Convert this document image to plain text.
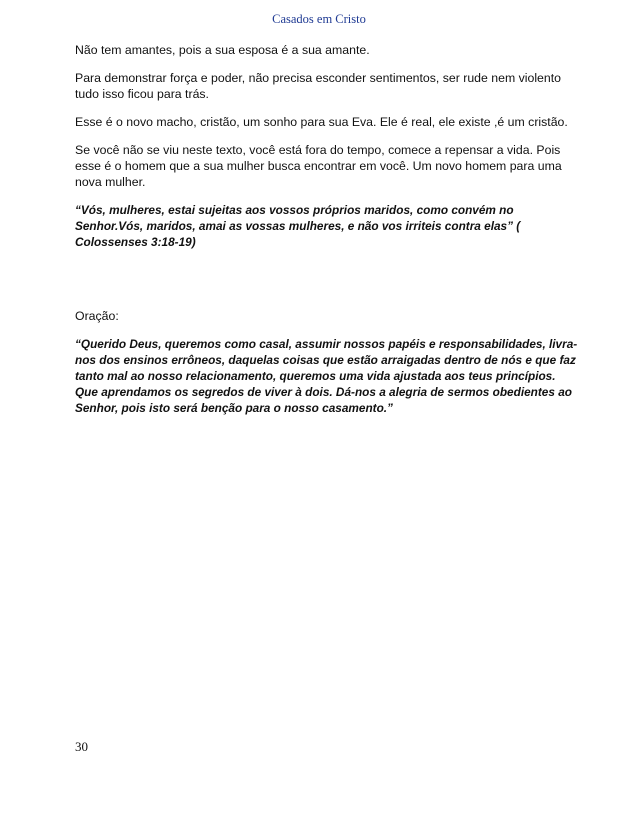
Casados em Cristo

Não tem amantes, pois a sua esposa é a sua amante.

Para demonstrar força e poder, não precisa esconder sentimentos, ser rude nem violento tudo isso ficou para trás.

Esse é o novo macho, cristão, um sonho para sua Eva. Ele é real, ele existe ,é um cristão.

Se você não se viu neste texto, você está fora do tempo, comece a repensar a vida. Pois esse é o homem que a sua mulher busca encontrar em você. Um novo homem para uma nova mulher.

“Vós, mulheres, estai sujeitas aos vossos próprios maridos, como convém no Senhor.Vós, maridos, amai as vossas mulheres, e não vos irriteis contra elas” ( Colossenses 3:18-19)

Oração:

“Querido Deus, queremos como casal, assumir nossos papéis e responsabilidades, livra-nos dos ensinos errôneos, daquelas coisas que estão arraigadas dentro de nós e que faz tanto mal ao nosso relacionamento, queremos uma vida ajustada aos teus princípios. Que aprendamos os segredos de viver à dois. Dá-nos a alegria de sermos obedientes ao Senhor, pois isto será benção para o nosso casamento.”

30
